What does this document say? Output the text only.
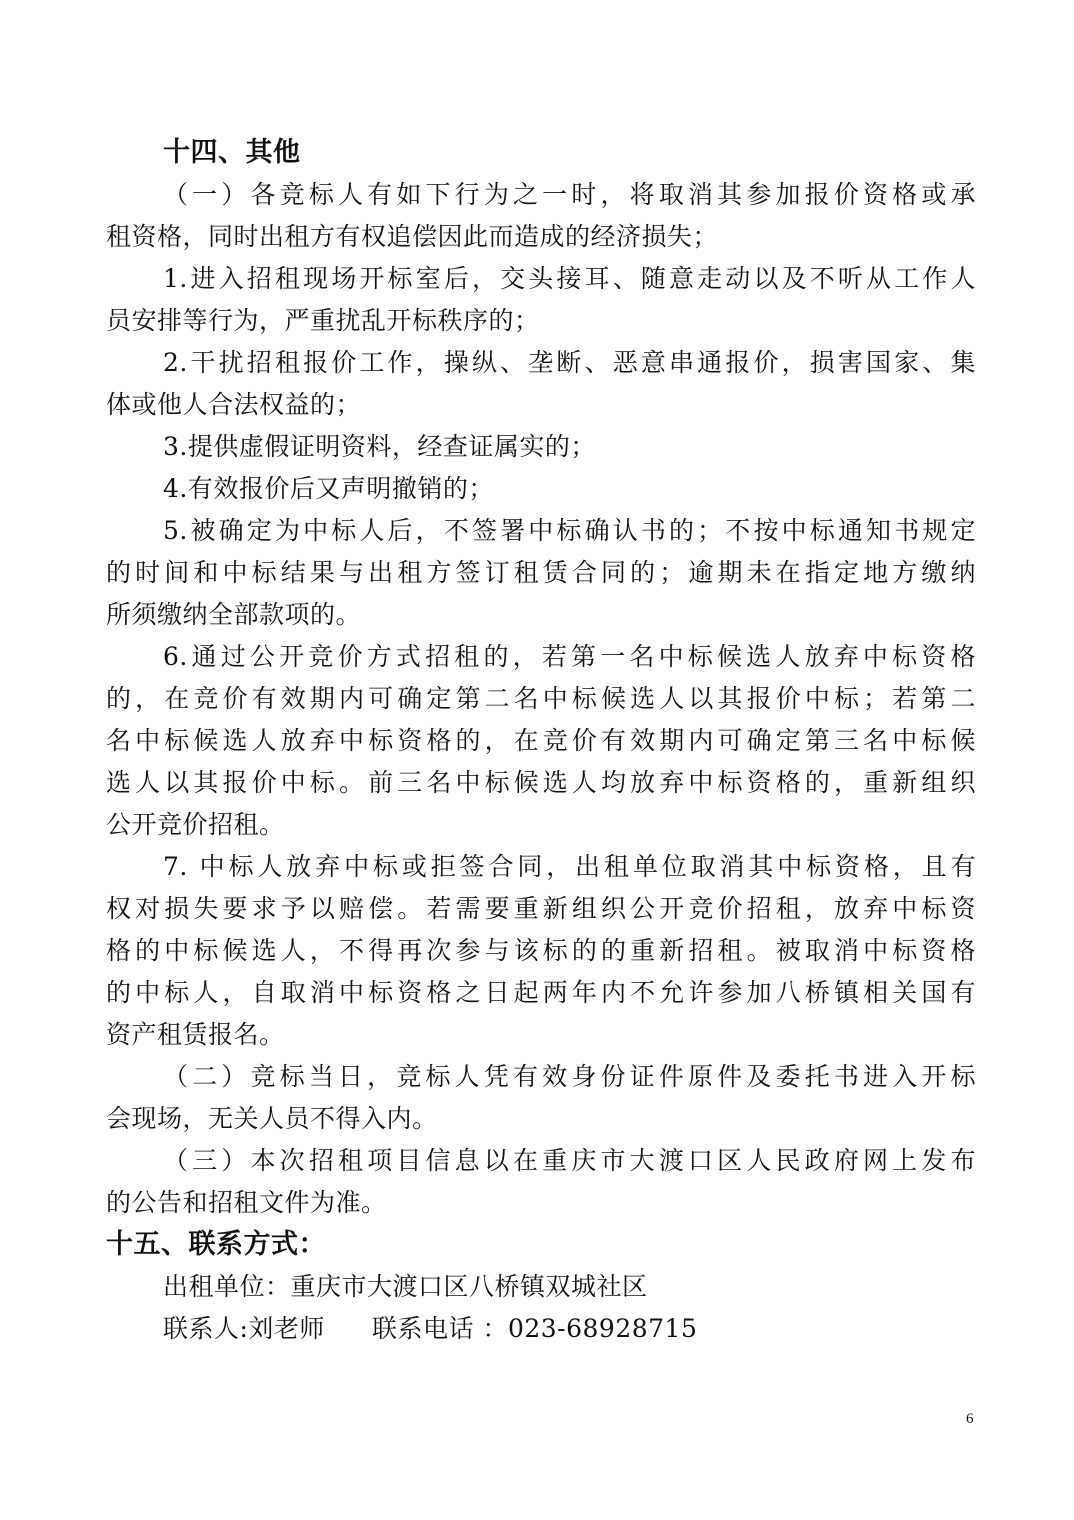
十四、其他
（一）各竞标人有如下行为之一时，将取消其参加报价资格或承
租资格，同时出租方有权追偿因此而造成的经济损失；
1.进入招租现场开标室后，交头接耳、随意走动以及不听从工作人
员安排等行为，严重扰乱开标秩序的；
2.干扰招租报价工作，操纵、垄断、恶意串通报价，损害国家、集
体或他人合法权益的；
3.提供虚假证明资料，经查证属实的；
4.有效报价后又声明撤销的；
5.被确定为中标人后，不签署中标确认书的；不按中标通知书规定
的时间和中标结果与出租方签订租赁合同的；逾期未在指定地方缴纳
所须缴纳全部款项的。
6.通过公开竞价方式招租的，若第一名中标候选人放弃中标资格
的，在竞价有效期内可确定第二名中标候选人以其报价中标；若第二
名中标候选人放弃中标资格的，在竞价有效期内可确定第三名中标候
选人以其报价中标。前三名中标候选人均放弃中标资格的，重新组织
公开竞价招租。
7. 中标人放弃中标或拒签合同，出租单位取消其中标资格，且有
权对损失要求予以赔偿。若需要重新组织公开竞价招租，放弃中标资
格的中标候选人，不得再次参与该标的的重新招租。被取消中标资格
的中标人，自取消中标资格之日起两年内不允许参加八桥镇相关国有
资产租赁报名。
（二）竞标当日，竞标人凭有效身份证件原件及委托书进入开标
会现场，无关人员不得入内。
（三）本次招租项目信息以在重庆市大渡口区人民政府网上发布
的公告和招租文件为准。
十五、联系方式：
出租单位：重庆市大渡口区八桥镇双城社区
联系人:刘老师 联系电话 ：023-68928715
6
